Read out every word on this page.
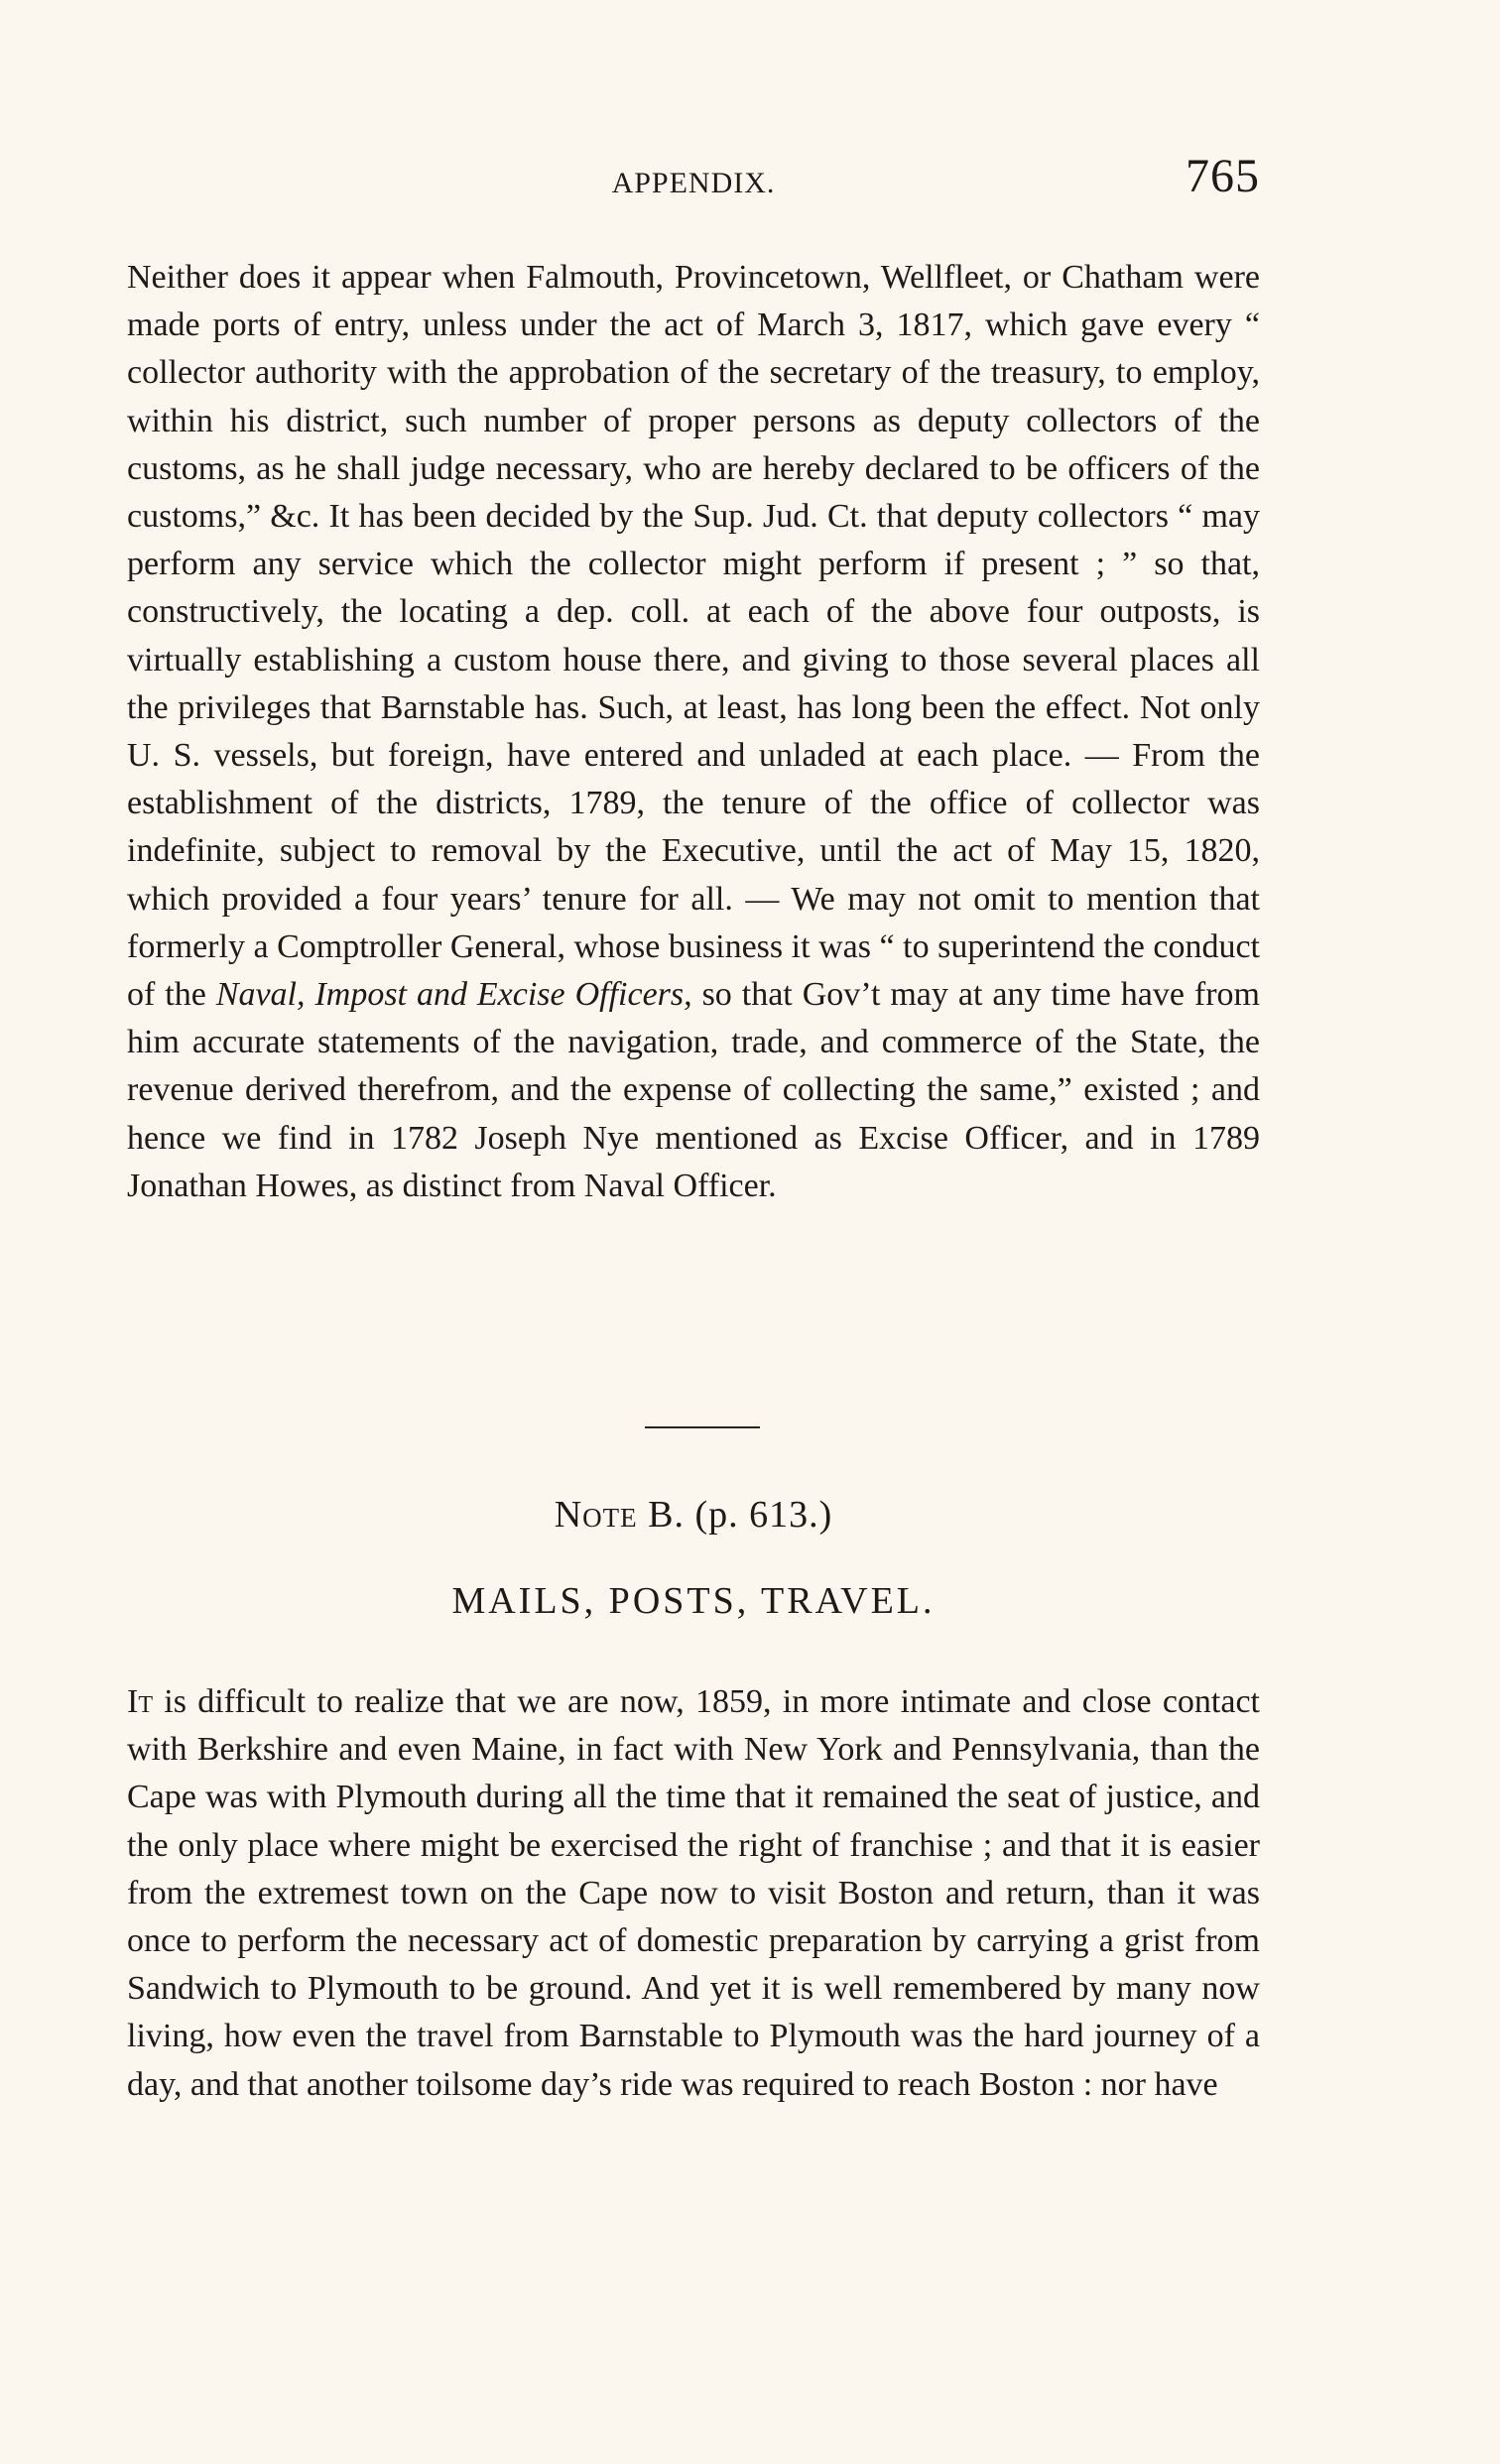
APPENDIX.	765

Neither does it appear when Falmouth, Provincetown, Wellfleet, or Chatham were made ports of entry, unless under the act of March 3, 1817, which gave every “ collector authority with the approbation of the secretary of the treasury, to employ, within his district, such number of proper persons as deputy collectors of the customs, as he shall judge necessary, who are hereby declared to be officers of the customs,” &c. It has been decided by the Sup. Jud. Ct. that deputy collectors “ may perform any service which the collector might perform if present ; ” so that, constructively, the locating a dep. coll. at each of the above four outposts, is virtually establishing a custom house there, and giving to those several places all the privileges that Barnstable has. Such, at least, has long been the effect. Not only U. S. vessels, but foreign, have entered and unladed at each place. — From the establishment of the districts, 1789, the tenure of the office of collector was indefinite, subject to removal by the Executive, until the act of May 15, 1820, which provided a four years’ tenure for all. — We may not omit to mention that formerly a Comptroller General, whose business it was “ to superintend the conduct of the Naval, Impost and Excise Officers, so that Gov’t may at any time have from him accurate statements of the navigation, trade, and commerce of the State, the revenue derived therefrom, and the expense of collecting the same,” existed ; and hence we find in 1782 Joseph Nye mentioned as Excise Officer, and in 1789 Jonathan Howes, as distinct from Naval Officer.

Note B. (p. 613.)
MAILS, POSTS, TRAVEL.

It is difficult to realize that we are now, 1859, in more intimate and close contact with Berkshire and even Maine, in fact with New York and Pennsylvania, than the Cape was with Plymouth during all the time that it remained the seat of justice, and the only place where might be exercised the right of franchise ; and that it is easier from the extremest town on the Cape now to visit Boston and return, than it was once to perform the necessary act of domestic preparation by carrying a grist from Sandwich to Plymouth to be ground. And yet it is well remembered by many now living, how even the travel from Barnstable to Plymouth was the hard journey of a day, and that another toilsome day’s ride was required to reach Boston : nor have
